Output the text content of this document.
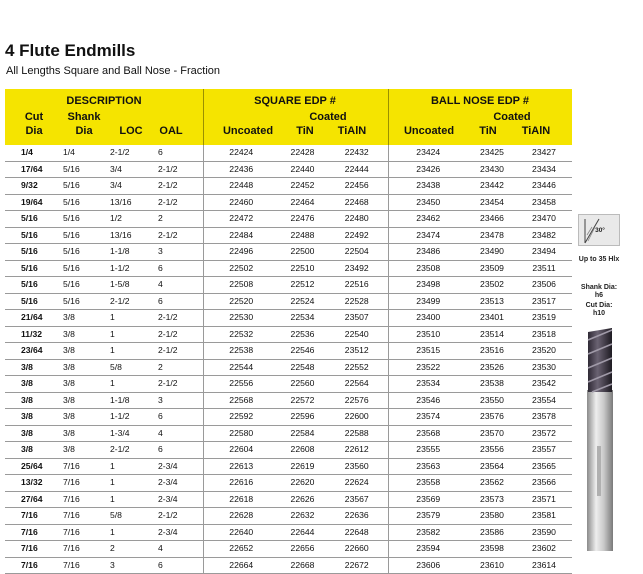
4 Flute Endmills
All Lengths Square and Ball Nose - Fraction
DESCRIPTION	SQUARE EDP #	BALL NOSE EDP #
Cut
Dia
Shank
Dia LOC OAL
Coated
Uncoated TiN TiAlN
Coated
Uncoated TiN TiAlN
1/4	1/4	2-1/2	6	22424	22428	22432	23424	23425	23427
17/64	5/16	3/4	2-1/2	22436	22440	22444	23426	23430	23434
9/32	5/16	3/4	2-1/2	22448	22452	22456	23438	23442	23446
19/64	5/16	13/16	2-1/2	22460	22464	22468	23450	23454	23458
5/16	5/16	1/2	2	22472	22476	22480	23462	23466	23470
5/16	5/16	13/16	2-1/2	22484	22488	22492	23474	23478	23482
5/16	5/16	1-1/8	3	22496	22500	22504	23486	23490	23494
5/16	5/16	1-1/2	6	22502	22510	23492	23508	23509	23511
5/16	5/16	1-5/8	4	22508	22512	22516	23498	23502	23506
5/16	5/16	2-1/2	6	22520	22524	22528	23499	23513	23517
21/64	3/8	1	2-1/2	22530	22534	23507	23400	23401	23519
11/32	3/8	1	2-1/2	22532	22536	22540	23510	23514	23518
23/64	3/8	1	2-1/2	22538	22546	23512	23515	23516	23520
3/8	3/8	5/8	2	22544	22548	22552	23522	23526	23530
3/8	3/8	1	2-1/2	22556	22560	22564	23534	23538	23542
3/8	3/8	1-1/8	3	22568	22572	22576	23546	23550	23554
3/8	3/8	1-1/2	6	22592	22596	22600	23574	23576	23578
3/8	3/8	1-3/4	4	22580	22584	22588	23568	23570	23572
3/8	3/8	2-1/2	6	22604	22608	22612	23555	23556	23557
25/64	7/16	1	2-3/4	22613	22619	23560	23563	23564	23565
13/32	7/16	1	2-3/4	22616	22620	22624	23558	23562	23566
27/64	7/16	1	2-3/4	22618	22626	23567	23569	23573	23571
7/16	7/16	5/8	2-1/2	22628	22632	22636	23579	23580	23581
7/16	7/16	1	2-3/4	22640	22644	22648	23582	23586	23590
7/16	7/16	2	4	22652	22656	22660	23594	23598	23602
7/16	7/16	3	6	22664	22668	22672	23606	23610	23614
30°
Up to 35 Hlx
Shank Dia:
h6
Cut Dia:
h10
